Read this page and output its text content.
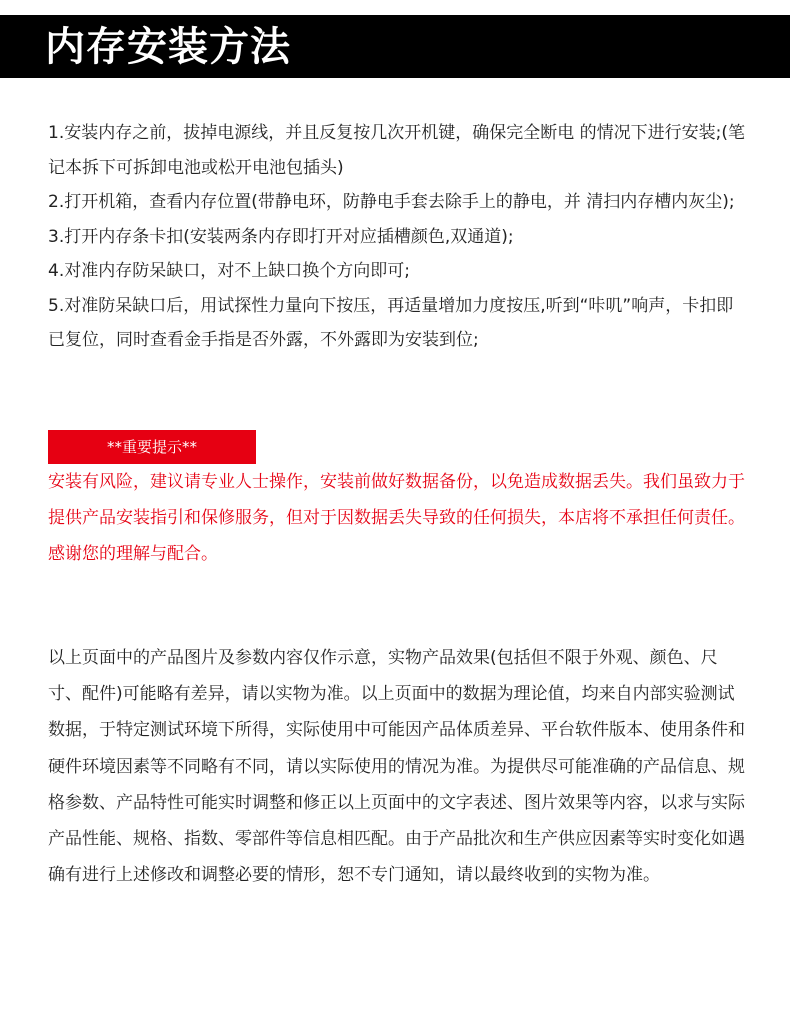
内存安装方法
1.安装内存之前，拔掉电源线，并且反复按几次开机键，确保完全断电 的情况下进行安装;(笔记本拆下可拆卸电池或松开电池包插头)
2.打开机箱，查看内存位置(带静电环，防静电手套去除手上的静电，并 清扫内存槽内灰尘);
3.打开内存条卡扣(安装两条内存即打开对应插槽颜色,双通道);
4.对准内存防呆缺口，对不上缺口换个方向即可;
5.对准防呆缺口后，用试探性力量向下按压，再适量增加力度按压,听到“咔叽”响声，卡扣即已复位，同时查看金手指是否外露，不外露即为安装到位;
**重要提示**

安装有风险，建议请专业人士操作，安装前做好数据备份，以免造成数据丢失。我们虽致力于提供产品安装指引和保修服务，但对于因数据丢失导致的任何损失，本店将不承担任何责任。感谢您的理解与配合。

以上页面中的产品图片及参数内容仅作示意，实物产品效果(包括但不限于外观、颜色、尺寸、配件)可能略有差异，请以实物为准。以上页面中的数据为理论值，均来自内部实验测试数据，于特定测试环境下所得，实际使用中可能因产品体质差异、平台软件版本、使用条件和硬件环境因素等不同略有不同，请以实际使用的情况为准。为提供尽可能准确的产品信息、规格参数、产品特性可能实时调整和修正以上页面中的文字表述、图片效果等内容，以求与实际产品性能、规格、指数、零部件等信息相匹配。由于产品批次和生产供应因素等实时变化如遇确有进行上述修改和调整必要的情形，恕不专门通知，请以最终收到的实物为准。
